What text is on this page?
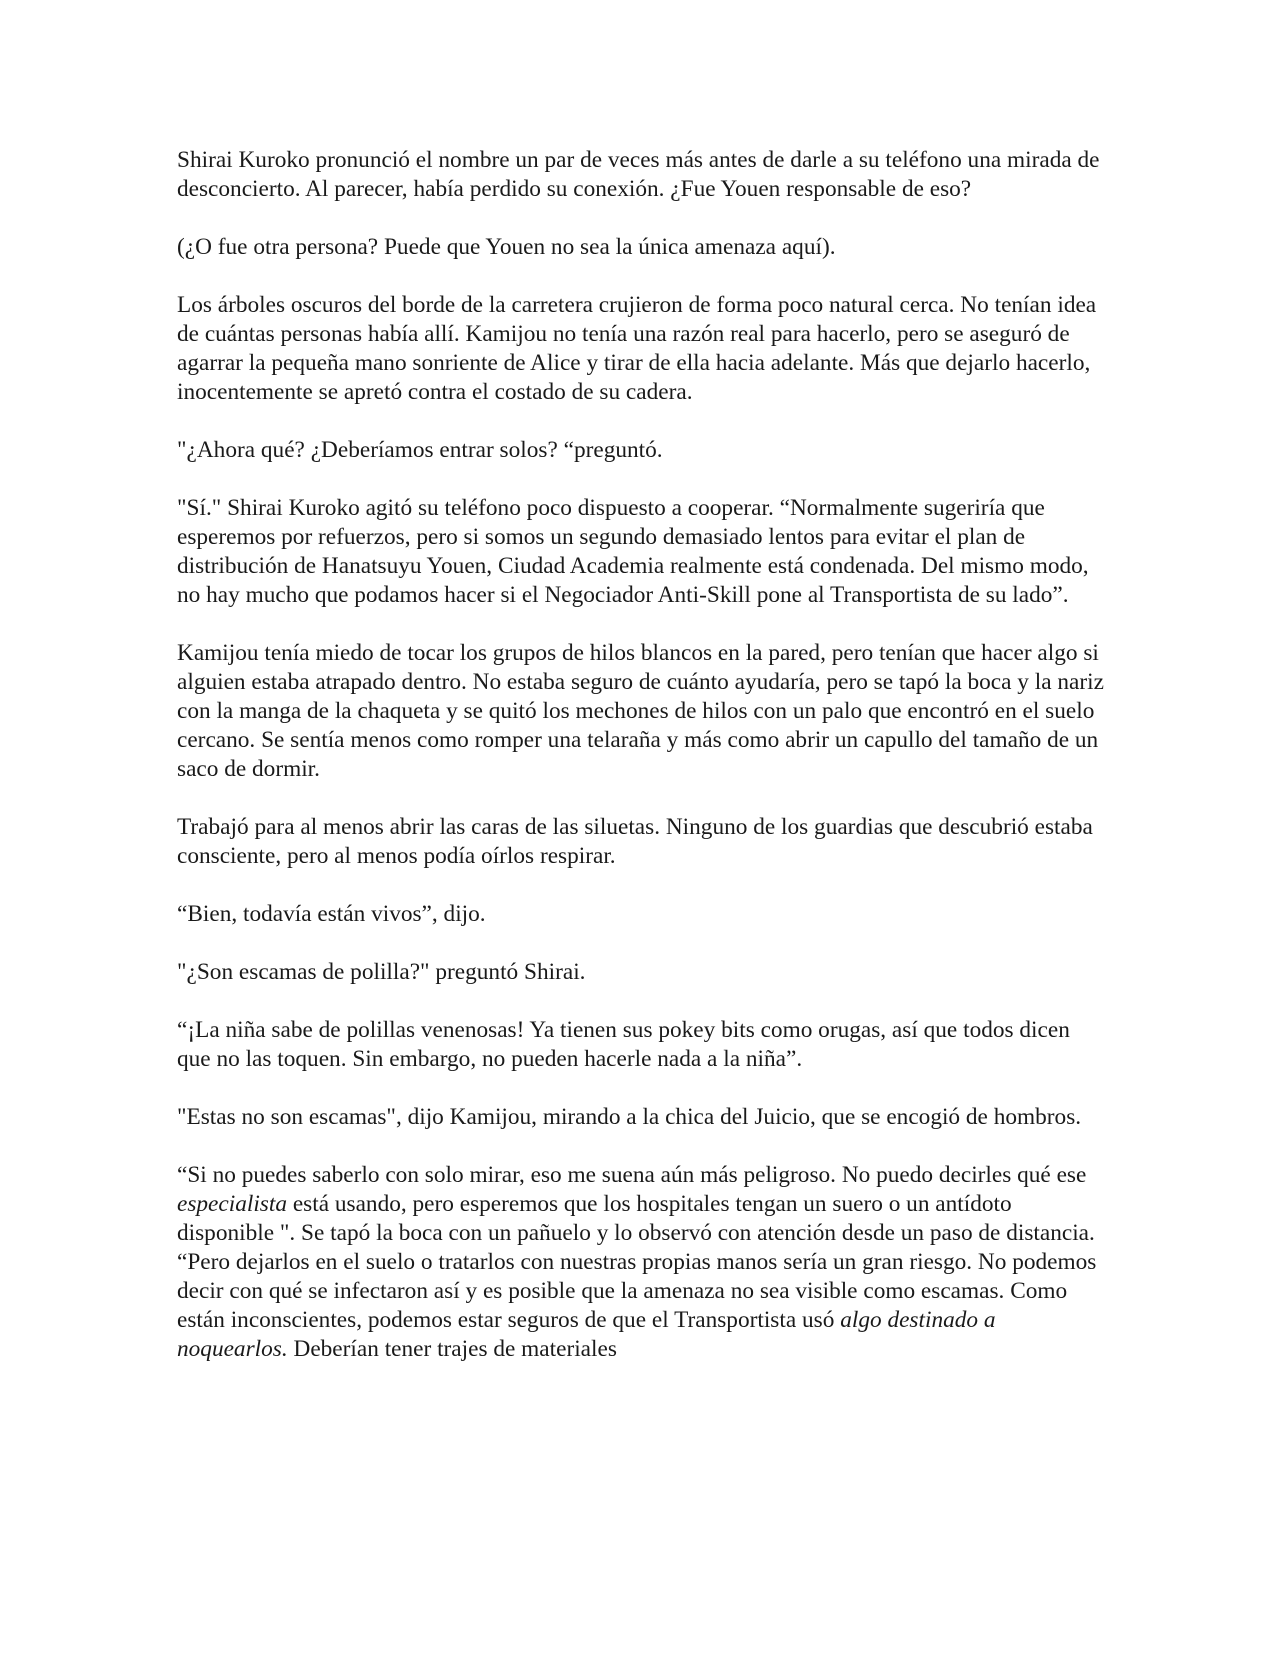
Shirai Kuroko pronunció el nombre un par de veces más antes de darle a su teléfono una mirada de desconcierto. Al parecer, había perdido su conexión. ¿Fue Youen responsable de eso?

(¿O fue otra persona? Puede que Youen no sea la única amenaza aquí).

Los árboles oscuros del borde de la carretera crujieron de forma poco natural cerca. No tenían idea de cuántas personas había allí. Kamijou no tenía una razón real para hacerlo, pero se aseguró de agarrar la pequeña mano sonriente de Alice y tirar de ella hacia adelante. Más que dejarlo hacerlo, inocentemente se apretó contra el costado de su cadera.

"¿Ahora qué? ¿Deberíamos entrar solos? “preguntó.

"Sí." Shirai Kuroko agitó su teléfono poco dispuesto a cooperar. “Normalmente sugeriría que esperemos por refuerzos, pero si somos un segundo demasiado lentos para evitar el plan de distribución de Hanatsuyu Youen, Ciudad Academia realmente está condenada. Del mismo modo, no hay mucho que podamos hacer si el Negociador Anti-Skill pone al Transportista de su lado”.

Kamijou tenía miedo de tocar los grupos de hilos blancos en la pared, pero tenían que hacer algo si alguien estaba atrapado dentro. No estaba seguro de cuánto ayudaría, pero se tapó la boca y la nariz con la manga de la chaqueta y se quitó los mechones de hilos con un palo que encontró en el suelo cercano. Se sentía menos como romper una telaraña y más como abrir un capullo del tamaño de un saco de dormir.

Trabajó para al menos abrir las caras de las siluetas. Ninguno de los guardias que descubrió estaba consciente, pero al menos podía oírlos respirar.

“Bien, todavía están vivos”, dijo.

"¿Son escamas de polilla?" preguntó Shirai.

“¡La niña sabe de polillas venenosas! Ya tienen sus pokey bits como orugas, así que todos dicen que no las toquen. Sin embargo, no pueden hacerle nada a la niña”.

"Estas no son escamas", dijo Kamijou, mirando a la chica del Juicio, que se encogió de hombros.

“Si no puedes saberlo con solo mirar, eso me suena aún más peligroso. No puedo decirles qué ese especialista está usando, pero esperemos que los hospitales tengan un suero o un antídoto disponible ". Se tapó la boca con un pañuelo y lo observó con atención desde un paso de distancia. “Pero dejarlos en el suelo o tratarlos con nuestras propias manos sería un gran riesgo. No podemos decir con qué se infectaron así y es posible que la amenaza no sea visible como escamas. Como están inconscientes, podemos estar seguros de que el Transportista usó algo destinado a noquearlos. Deberían tener trajes de materiales
